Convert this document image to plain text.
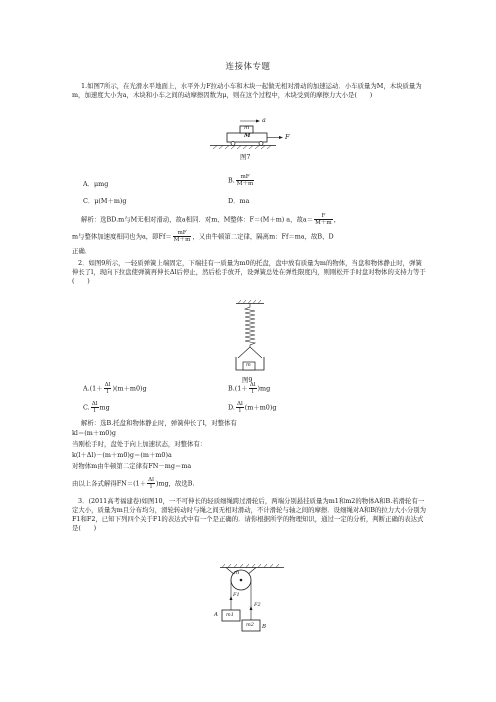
连接体专题
1.如图7所示，在光滑水平地面上，水平外力F拉动小车和木块一起做无相对滑动的加速运动．小车质量为M，木块质量为m，加速度大小为a，木块和小车之间的动摩擦因数为μ，则在这个过程中，木块受到的摩擦力大小是(　　)
a
m
M	F
图7
A．μmg	B. $\frac{mF}{M+m}$
C．μ(M＋m)g	D．ma
解析：选BD.m与M无相对滑动，故a相同．对m、M整体：F＝(M＋m) a，故$a= \frac{F}{M+m}$ ，
m与整体加速度相同也为a，即$Ff= \frac{mF}{M+m}$ ，又由牛顿第二定律，隔离m：Ff＝ma，故B、D
正确．
2．如图9所示，一轻质弹簧上端固定，下端挂有一质量为m0的托盘，盘中放有质量为m的物体，当盘和物体静止时，弹簧伸长了l，现向下拉盘使弹簧再伸长Δl后停止，然后松手放开，设弹簧总处在弹性限度内，则刚松开手时盘对物体的支持力等于(　　)
m
图9
$A.(1+ \frac{\Delta l}{l} )(m+m0)g$	$B.(1+ \frac{\Delta l}{l} )mg$
C. $\frac{\Delta l}{l}$ mg	D. $\frac{\Delta l}{l} (m+m0)g$
解析：选B.托盘和物体静止时，弹簧伸长了l，对整体有
kl＝(m＋m0)g
当刚松手时，盘处于向上加速状态，对整体有：
k(l＋Δl)－(m＋m0)g＝(m＋m0)a
对物体m由牛顿第二定律有FN－mg＝ma
由以上各式解得$FN=(1+ \frac{\Delta l}{l} )mg$，故选B.
3．(2011高考福建卷)如图10，一不可伸长的轻质细绳跨过滑轮后，两端分别悬挂质量为m1和m2的物体A和B.若滑轮有一定大小，质量为m且分布均匀，滑轮转动时与绳之间无相对滑动，不计滑轮与轴之间的摩擦．设细绳对A和B的拉力大小分别为F1和F2，已知下列四个关于F1的表达式中有一个是正确的．请你根据所学的物理知识，通过一定的分析，判断正确的表达式是(　　)
m
F1
F2
m1
m2
A
B
